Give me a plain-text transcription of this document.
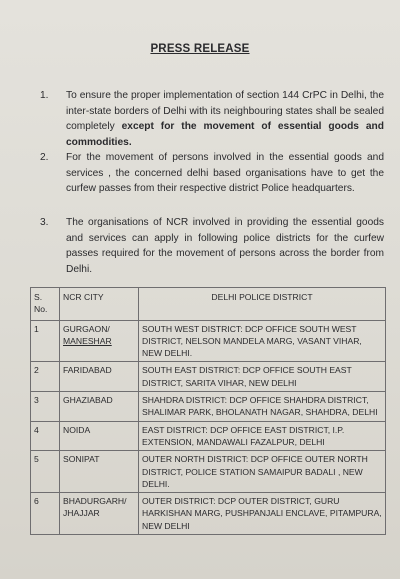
PRESS RELEASE
1. To ensure the proper implementation of section 144 CrPC in Delhi, the inter-state borders of Delhi with its neighbouring states shall be sealed completely except for the movement of essential goods and commodities.
2. For the movement of persons involved in the essential goods and services , the concerned delhi based organisations have to get the curfew passes from their respective district Police headquarters.
3. The organisations of NCR involved in providing the essential goods and services can apply in following police districts for the curfew passes required for the movement of persons across the border from Delhi.
S.
No.	NCR CITY	DELHI POLICE DISTRICT
1	GURGAON/
MANESHAR	SOUTH WEST DISTRICT: DCP OFFICE SOUTH WEST DISTRICT, NELSON MANDELA MARG, VASANT VIHAR, NEW DELHI.
2	FARIDABAD	SOUTH EAST DISTRICT: DCP OFFICE SOUTH EAST DISTRICT, SARITA VIHAR, NEW DELHI
3	GHAZIABAD	SHAHDRA DISTRICT: DCP OFFICE SHAHDRA DISTRICT, SHALIMAR PARK, BHOLANATH NAGAR, SHAHDRA, DELHI
4	NOIDA	EAST DISTRICT: DCP OFFICE EAST DISTRICT, I.P. EXTENSION, MANDAWALI FAZALPUR, DELHI
5	SONIPAT	OUTER NORTH DISTRICT: DCP OFFICE OUTER NORTH DISTRICT, POLICE STATION SAMAIPUR BADALI , NEW DELHI.
6	BHADURGARH/
JHAJJAR	OUTER DISTRICT: DCP OUTER DISTRICT, GURU HARKISHAN MARG, PUSHPANJALI ENCLAVE, PITAMPURA, NEW DELHI
